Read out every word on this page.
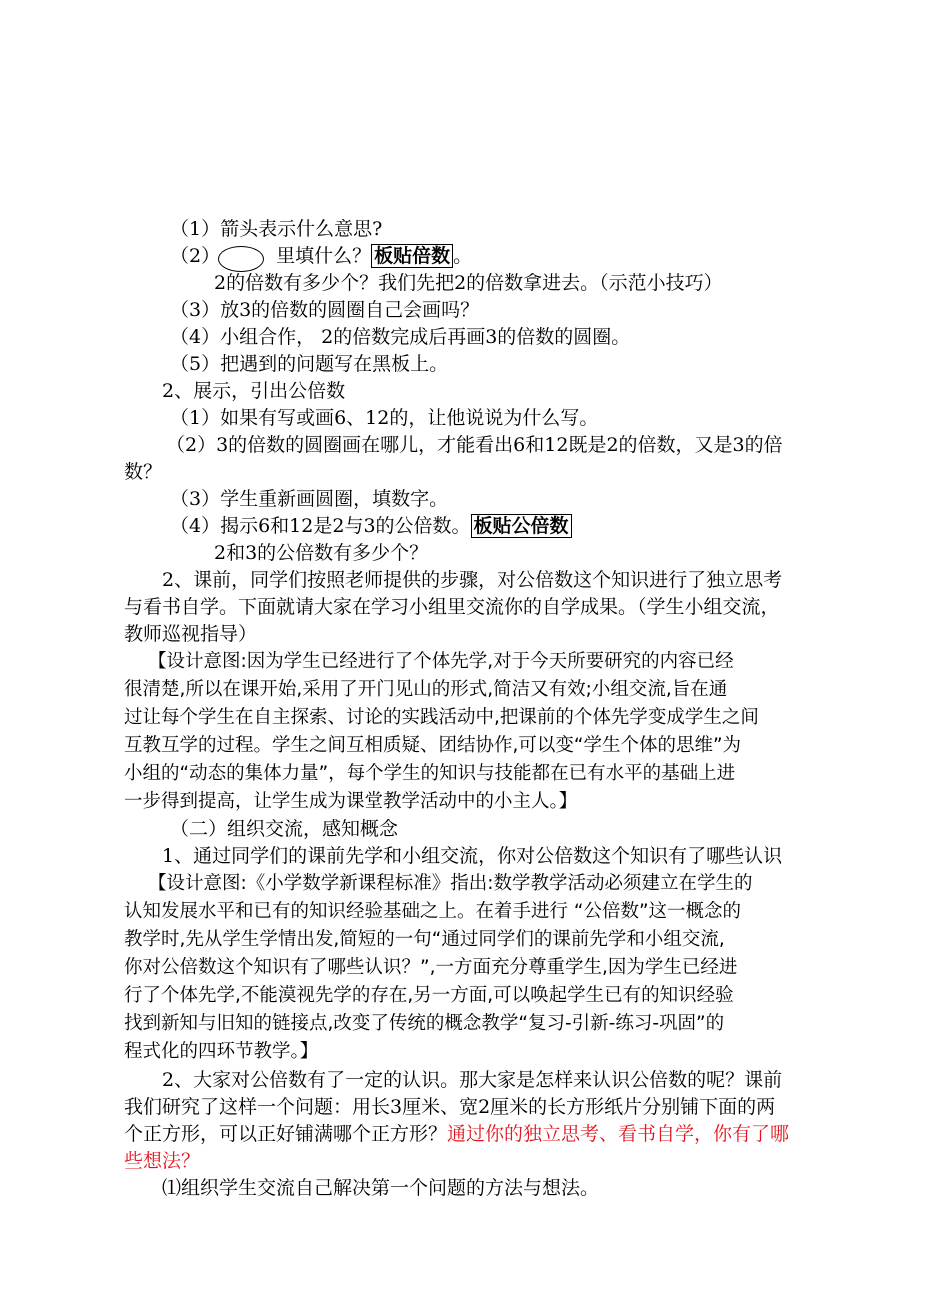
（1）箭头表示什么意思?
（2）	里填什么？ 板贴倍数 。
2的倍数有多少个？我们先把2的倍数拿进去。（示范小技巧）
（3）放3的倍数的圆圈自己会画吗？
（4）小组合作， 2的倍数完成后再画3的倍数的圆圈。
（5）把遇到的问题写在黑板上。
2、展示，引出公倍数
（1）如果有写或画6、12的，让他说说为什么写。
（2）3的倍数的圆圈画在哪儿，才能看出6和12既是2的倍数，又是3的倍
数？
（3）学生重新画圆圈，填数字。
（4）揭示6和12是2与3的公倍数。 板贴公倍数
2和3的公倍数有多少个？
2、课前，同学们按照老师提供的步骤，对公倍数这个知识进行了独立思考
与看书自学。下面就请大家在学习小组里交流你的自学成果。（学生小组交流，
教师巡视指导）
【设计意图:因为学生已经进行了个体先学,对于今天所要研究的内容已经
很清楚,所以在课开始,采用了开门见山的形式,简洁又有效;小组交流,旨在通
过让每个学生在自主探索、讨论的实践活动中,把课前的个体先学变成学生之间
互教互学的过程。学生之间互相质疑、团结协作,可以变“学生个体的思维”为
小组的“动态的集体力量”，每个学生的知识与技能都在已有水平的基础上进
一步得到提高，让学生成为课堂教学活动中的小主人。】
（二）组织交流，感知概念
1、通过同学们的课前先学和小组交流，你对公倍数这个知识有了哪些认识
【设计意图:《小学数学新课程标准》指出:数学教学活动必须建立在学生的
认知发展水平和已有的知识经验基础之上。在着手进行 “公倍数”这一概念的
教学时,先从学生学情出发,简短的一句“通过同学们的课前先学和小组交流,
你对公倍数这个知识有了哪些认识？”,一方面充分尊重学生,因为学生已经进
行了个体先学,不能漠视先学的存在,另一方面,可以唤起学生已有的知识经验
找到新知与旧知的链接点,改变了传统的概念教学“复习-引新-练习-巩固”的
程式化的四环节教学。】
2、大家对公倍数有了一定的认识。那大家是怎样来认识公倍数的呢？课前
我们研究了这样一个问题：用长3厘米、宽2厘米的长方形纸片分别铺下面的两
个正方形，可以正好铺满哪个正方形？通过你的独立思考、看书自学，你有了哪
些想法？
⑴组织学生交流自己解决第一个问题的方法与想法。
